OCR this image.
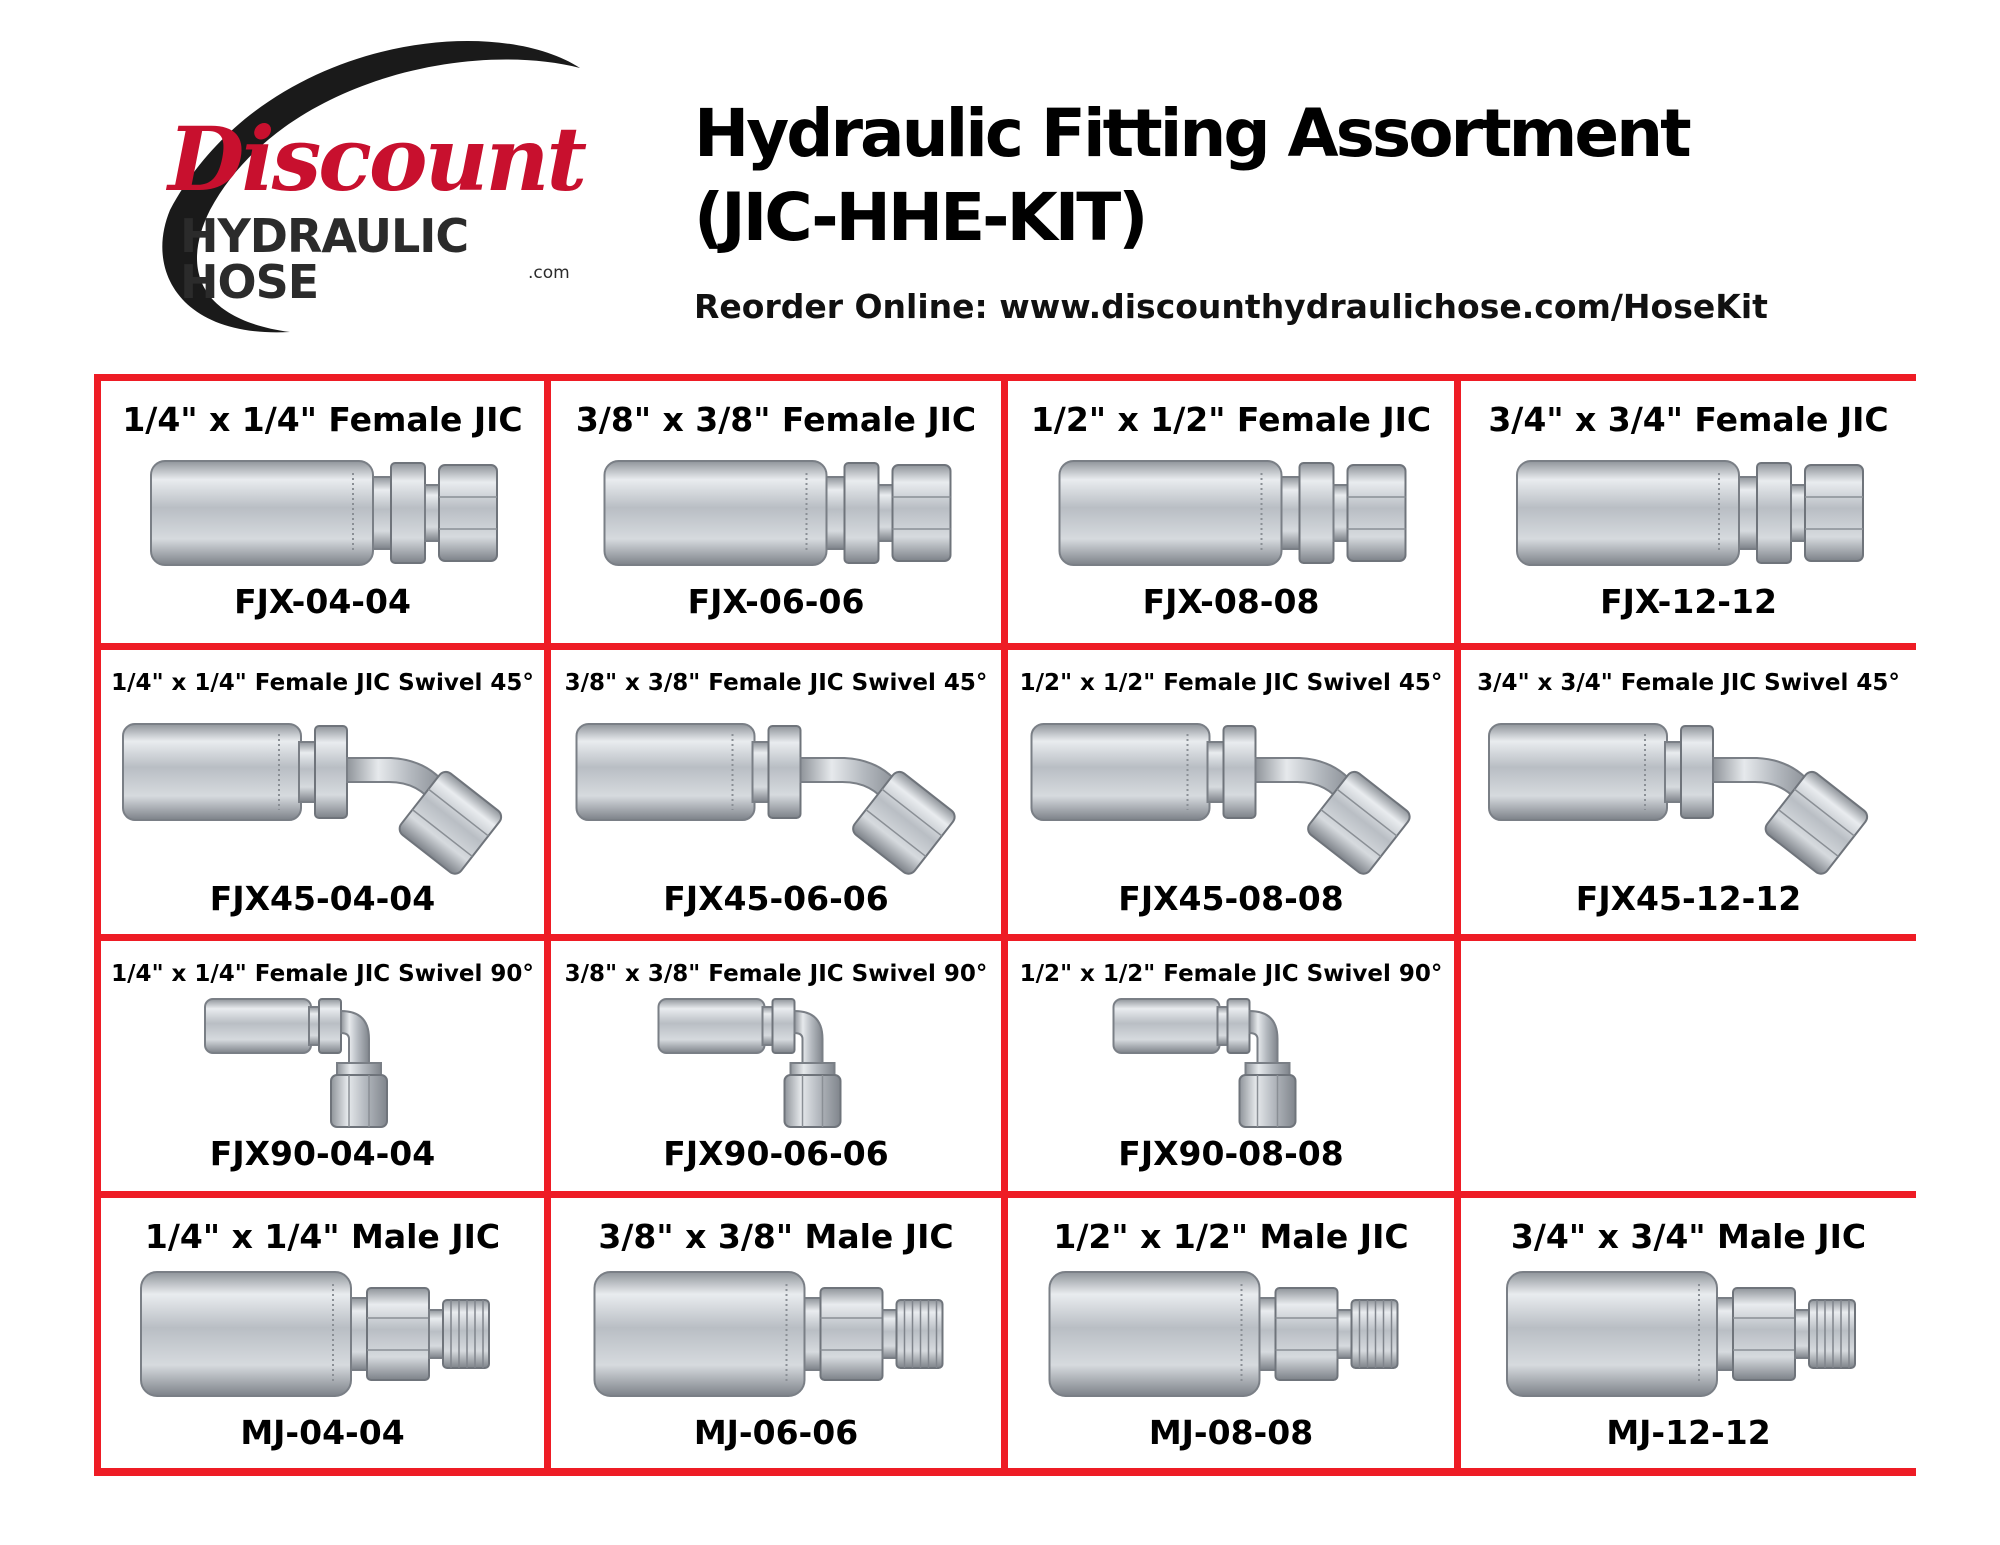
Discount
HYDRAULIC HOSE	.com
Hydraulic Fitting Assortment
(JIC-HHE-KIT)
Reorder Online: www.discounthydraulichose.com/HoseKit
1/4" x 1/4" Female JIC
FJX-04-04
3/8" x 3/8" Female JIC
FJX-06-06
1/2" x 1/2" Female JIC
FJX-08-08
3/4" x 3/4" Female JIC
FJX-12-12
1/4" x 1/4" Female JIC Swivel 45°
FJX45-04-04
3/8" x 3/8" Female JIC Swivel 45°
FJX45-06-06
1/2" x 1/2" Female JIC Swivel 45°
FJX45-08-08
3/4" x 3/4" Female JIC Swivel 45°
FJX45-12-12
1/4" x 1/4" Female JIC Swivel 90°
FJX90-04-04
3/8" x 3/8" Female JIC Swivel 90°
FJX90-06-06
1/2" x 1/2" Female JIC Swivel 90°
FJX90-08-08
1/4" x 1/4" Male JIC
MJ-04-04
3/8" x 3/8" Male JIC
MJ-06-06
1/2" x 1/2" Male JIC
MJ-08-08
3/4" x 3/4" Male JIC
MJ-12-12
